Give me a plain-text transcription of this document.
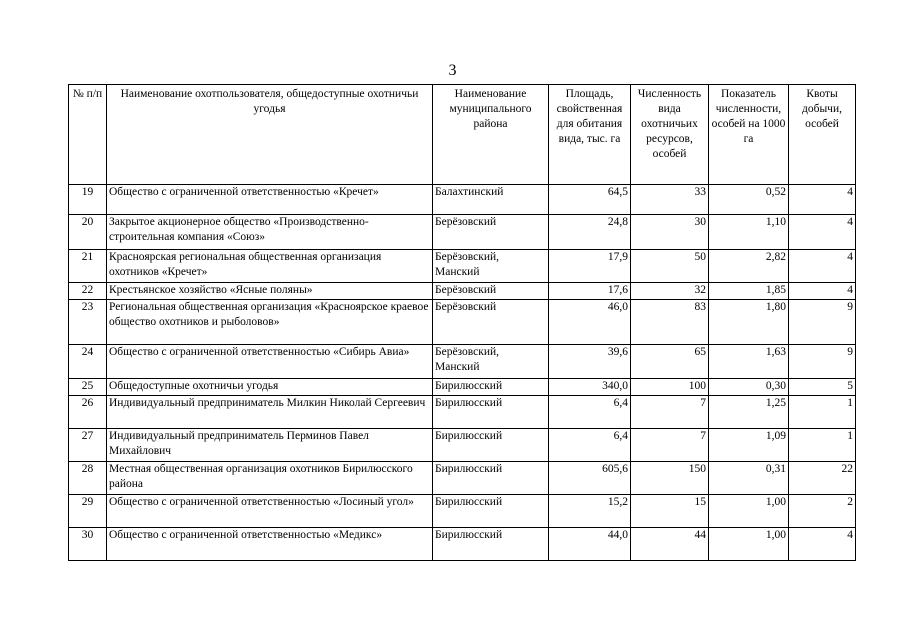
3
№ п/п	Наименование охотпользователя, общедоступные охотничьи угодья	Наименование муниципального района	Площадь, свойственная для обитания вида, тыс. га	Численность вида охотничьих ресурсов, особей	Показатель численности, особей на 1000 га	Квоты добычи, особей
19	Общество с ограниченной ответственностью «Кречет»	Балахтинский	64,5	33	0,52	4
20	Закрытое акционерное общество «Производственно-строительная компания «Союз»	Берёзовский	24,8	30	1,10	4
21	Красноярская региональная общественная организация охотников «Кречет»	Берёзовский, Манский	17,9	50	2,82	4
22	Крестьянское хозяйство «Ясные поляны»	Берёзовский	17,6	32	1,85	4
23	Региональная общественная организация «Красноярское краевое общество охотников и рыболовов»	Берёзовский	46,0	83	1,80	9
24	Общество с ограниченной ответственностью «Сибирь Авиа»	Берёзовский, Манский	39,6	65	1,63	9
25	Общедоступные охотничьи угодья	Бирилюсский	340,0	100	0,30	5
26	Индивидуальный предприниматель Милкин Николай Сергеевич	Бирилюсский	6,4	7	1,25	1
27	Индивидуальный предприниматель Перминов Павел Михайлович	Бирилюсский	6,4	7	1,09	1
28	Местная общественная организация охотников Бирилюсского района	Бирилюсский	605,6	150	0,31	22
29	Общество с ограниченной ответственностью «Лосиный угол»	Бирилюсский	15,2	15	1,00	2
30	Общество с ограниченной ответственностью «Медикс»	Бирилюсский	44,0	44	1,00	4
